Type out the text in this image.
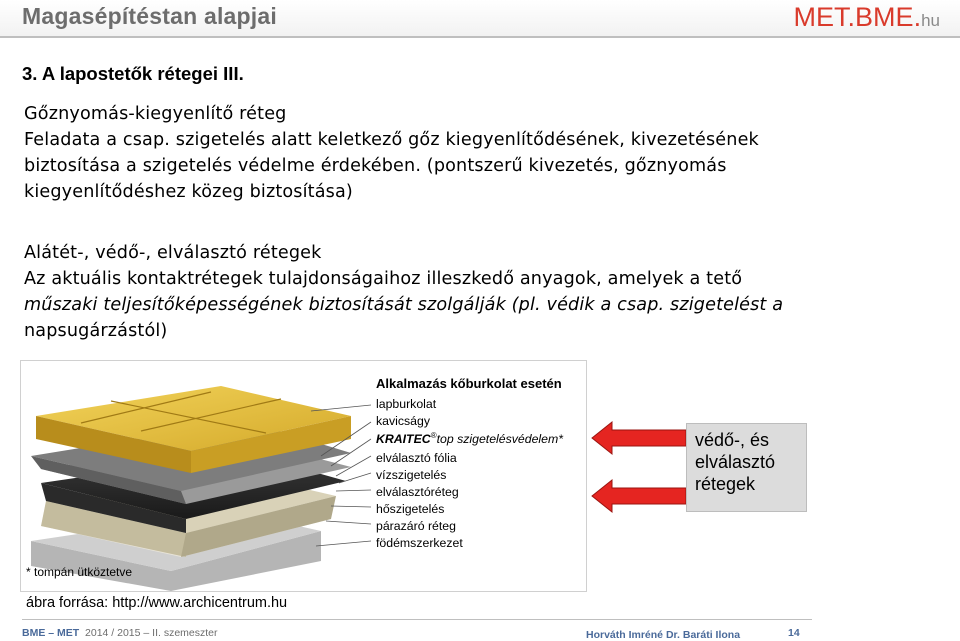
Magasépítéstan alapjai	MET.BME.hu
3. A lapostetők rétegei III.
Gőznyomás-kiegyenlítő réteg
Feladata a csap. szigetelés alatt keletkező gőz kiegyenlítődésének, kivezetésének
biztosítása a szigetelés védelme érdekében. (pontszerű kivezetés, gőznyomás
kiegyenlítődéshez közeg biztosítása)
Alátét-, védő-, elválasztó rétegek
Az aktuális kontaktrétegek tulajdonságaihoz illeszkedő anyagok, amelyek a tető
műszaki teljesítőképességének biztosítását szolgálják (pl. védik a csap. szigetelést a
napsugárzástól)
Alkalmazás kőburkolat esetén
lapburkolat
kavicságy
KRAITEC®top szigetelésvédelem*
elválasztó fólia
vízszigetelés
elválasztóréteg
hőszigetelés
párazáró réteg
födémszerkezet
* tompán ütköztetve
védő-, és
elválasztó
rétegek
ábra forrása: http://www.archicentrum.hu
BME – MET 2014 / 2015 – II. szemeszter	Horváth Imréné Dr. Baráti Ilona	14
